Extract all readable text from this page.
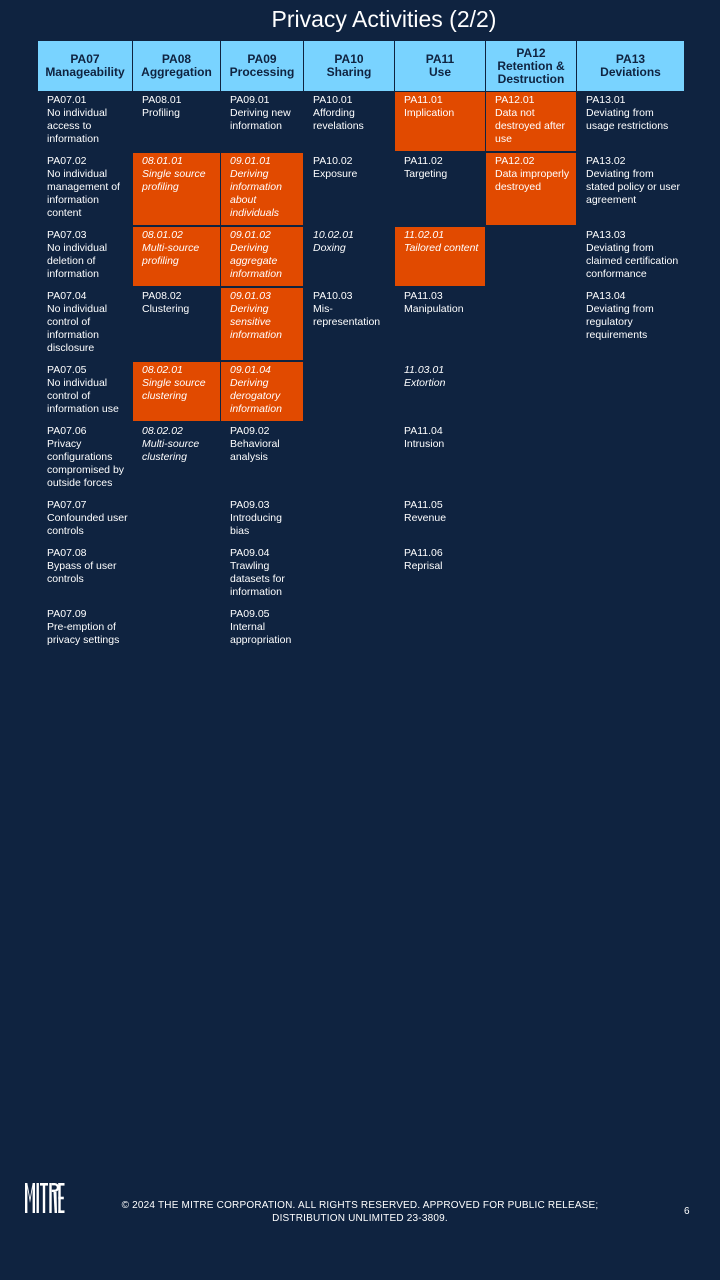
Privacy Activities (2/2)
PA07
Manageability	PA08
Aggregation	PA09
Processing	PA10
Sharing	PA11
Use	PA12
Retention & Destruction	PA13
Deviations

PA07.01
No individual access to information	PA08.01
Profiling	PA09.01
Deriving new information	PA10.01
Affording revelations	PA11.01
Implication	PA12.01
Data not destroyed after use	PA13.01
Deviating from usage restrictions

PA07.02
No individual management of information content	08.01.01
Single source profiling	09.01.01
Deriving information about individuals	PA10.02
Exposure	PA11.02
Targeting	PA12.02
Data improperly destroyed	PA13.02
Deviating from stated policy or user agreement

PA07.03
No individual deletion of information	08.01.02
Multi-source profiling	09.01.02
Deriving aggregate information	10.02.01
Doxing	11.02.01
Tailored content		PA13.03
Deviating from claimed certification conformance

PA07.04
No individual control of information disclosure	PA08.02
Clustering	09.01.03
Deriving sensitive information	PA10.03
Mis-representation	PA11.03
Manipulation		PA13.04
Deviating from regulatory requirements

PA07.05
No individual control of information use	08.02.01
Single source clustering	09.01.04
Deriving derogatory information		11.03.01
Extortion		

PA07.06
Privacy configurations compromised by outside forces	08.02.02
Multi-source clustering	PA09.02
Behavioral analysis		PA11.04
Intrusion		

PA07.07
Confounded user controls		PA09.03
Introducing bias		PA11.05
Revenue		

PA07.08
Bypass of user controls		PA09.04
Trawling datasets for information		PA11.06
Reprisal		

PA07.09
Pre-emption of privacy settings		PA09.05
Internal appropriation				

© 2024 THE MITRE CORPORATION. ALL RIGHTS RESERVED. APPROVED FOR PUBLIC RELEASE;
DISTRIBUTION UNLIMITED 23-3809.
6
